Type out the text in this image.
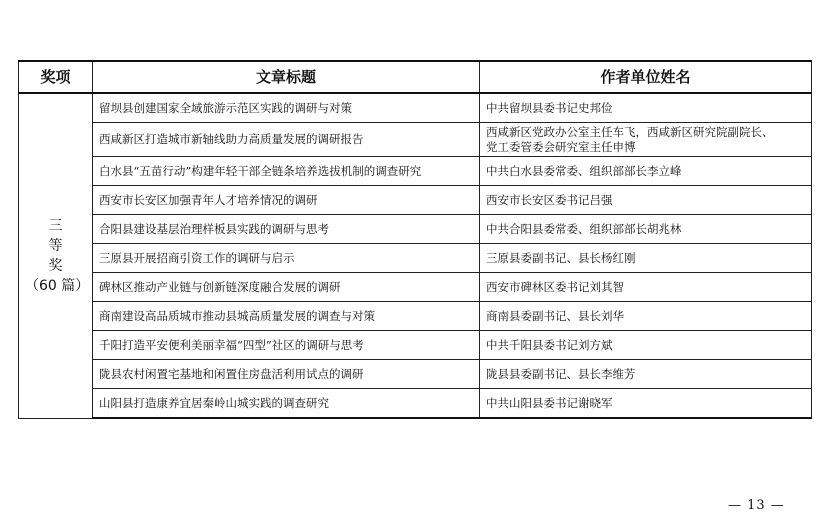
奖项	文章标题	作者单位姓名

三
等
奖
（60 篇）	留坝县创建国家全域旅游示范区实践的调研与对策	中共留坝县委书记史邦俭
	西咸新区打造城市新轴线助力高质量发展的调研报告	西咸新区党政办公室主任车飞，西咸新区研究院副院长、
党工委管委会研究室主任申博

	白水县“五苗行动”构建年轻干部全链条培养选拔机制的调查研究	中共白水县委常委、组织部部长李立峰
	西安市长安区加强青年人才培养情况的调研	西安市长安区委书记吕强
	合阳县建设基层治理样板县实践的调研与思考	中共合阳县委常委、组织部部长胡兆林
	三原县开展招商引资工作的调研与启示	三原县委副书记、县长杨红刚
	碑林区推动产业链与创新链深度融合发展的调研	西安市碑林区委书记刘其智
	商南建设高品质城市推动县城高质量发展的调查与对策	商南县委副书记、县长刘华
	千阳打造平安便利美丽幸福“四型”社区的调研与思考	中共千阳县委书记刘方斌
	陇县农村闲置宅基地和闲置住房盘活利用试点的调研	陇县县委副书记、县长李维芳
	山阳县打造康养宜居秦岭山城实践的调查研究	中共山阳县委书记谢晓军
— 13 —
